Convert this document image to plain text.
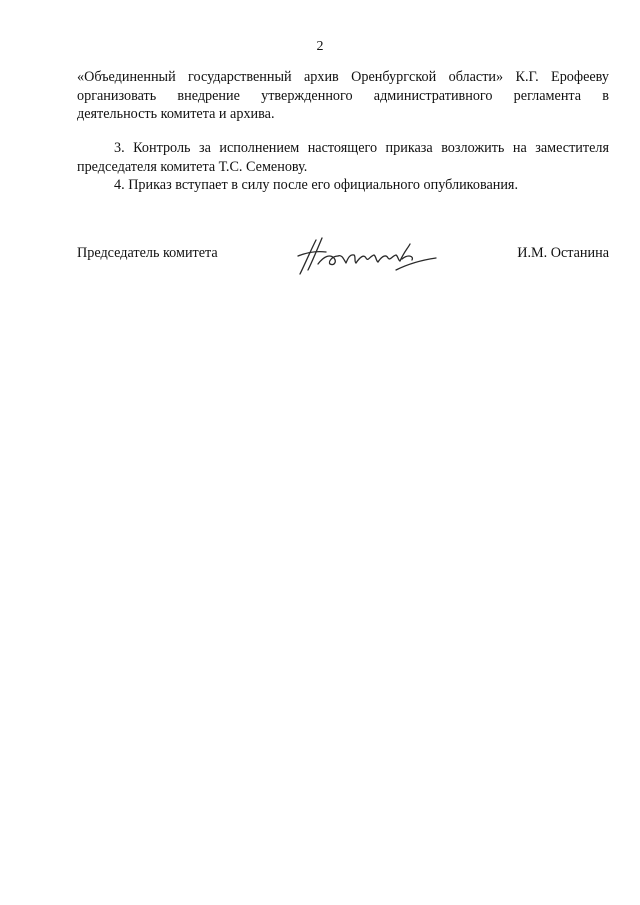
2
«Объединенный государственный архив Оренбургской области» К.Г. Ерофееву
организовать внедрение утвержденного административного регламента в
деятельность комитета и архива.
3. Контроль за исполнением настоящего приказа возложить на заместителя
председателя комитета Т.С. Семенову.
4. Приказ вступает в силу после его официального опубликования.
Председатель комитета	И.М. Останина
